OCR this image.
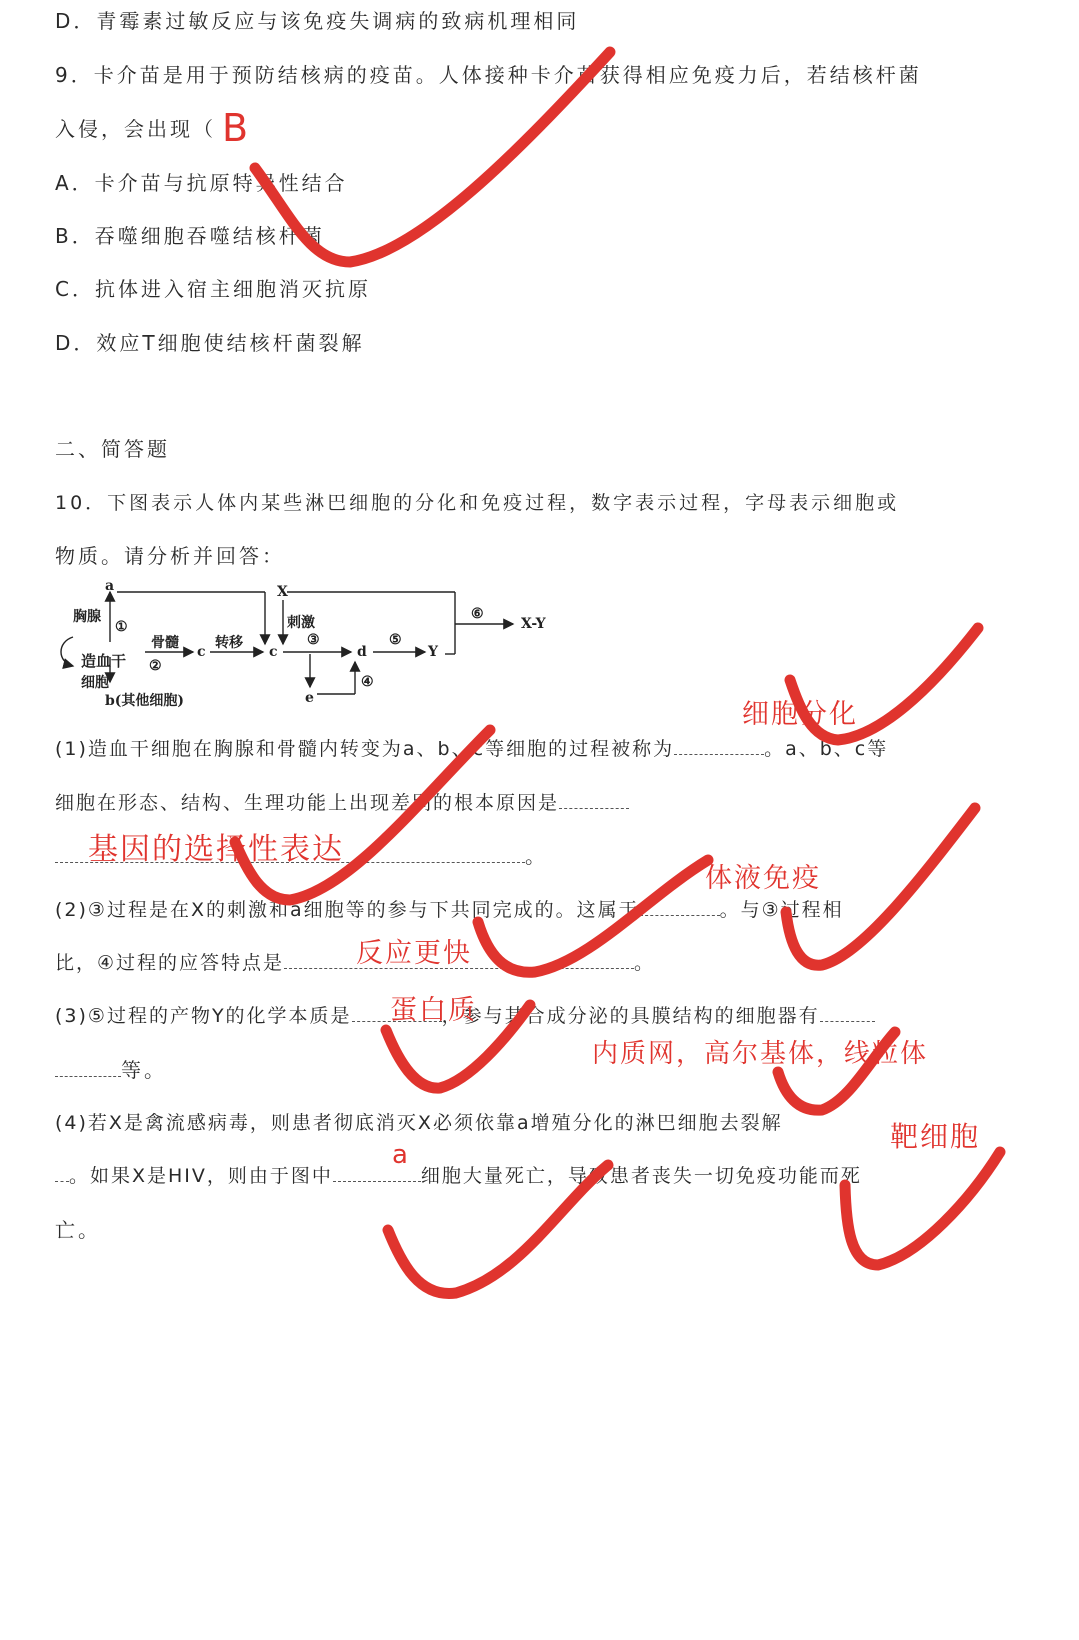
D．青霉素过敏反应与该免疫失调病的致病机理相同
9．卡介苗是用于预防结核病的疫苗。人体接种卡介苗获得相应免疫力后，若结核杆菌
入侵，会出现（
A．卡介苗与抗原特异性结合
B．吞噬细胞吞噬结核杆菌
C．抗体进入宿主细胞消灭抗原
D．效应T细胞使结核杆菌裂解
二、简答题
10．下图表示人体内某些淋巴细胞的分化和免疫过程，数字表示过程，字母表示细胞或
物质。请分析并回答：
a
胸腺
①
造血干
细胞
②
骨髓	转移
c	c
b(其他细胞)
X
刺激
③
d
⑤
Y
e
④
⑥
X-Y
(1)造血干细胞在胸腺和骨髓内转变为a、b、c等细胞的过程被称为	。a、b、c等
细胞在形态、结构、生理功能上出现差别的根本原因是
。
(2)③过程是在X的刺激和a细胞等的参与下共同完成的。这属于	。与③过程相
比，④过程的应答特点是	。
(3)⑤过程的产物Y的化学本质是	，参与其合成分泌的具膜结构的细胞器有
等。
(4)若X是禽流感病毒，则患者彻底消灭X必须依靠a增殖分化的淋巴细胞去裂解
。如果X是HIV，则由于图中	细胞大量死亡，导致患者丧失一切免疫功能而死
亡。
B
细胞分化
基因的选择性表达
体液免疫
反应更快
蛋白质
内质网，高尔基体，线粒体
靶细胞
a
